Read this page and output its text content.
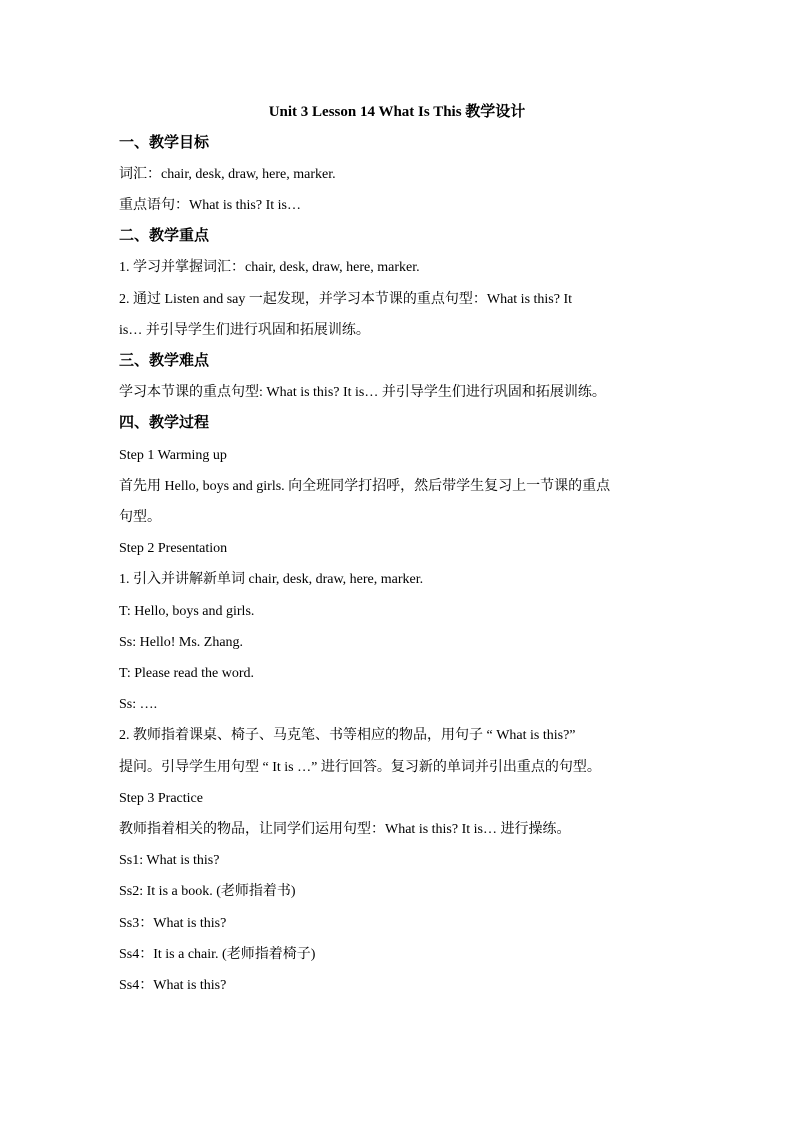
Unit 3 Lesson 14 What Is This 教学设计
一、教学目标
词汇：chair, desk, draw, here, marker.
重点语句：What is this? It is…
二、教学重点
1. 学习并掌握词汇：chair, desk, draw, here, marker.
2. 通过 Listen and say 一起发现，并学习本节课的重点句型：What is this? It
is… 并引导学生们进行巩固和拓展训练。
三、教学难点
学习本节课的重点句型: What is this? It is… 并引导学生们进行巩固和拓展训练。
四、教学过程
Step 1 Warming up
首先用 Hello, boys and girls. 向全班同学打招呼，然后带学生复习上一节课的重点
句型。
Step 2 Presentation
1. 引入并讲解新单词 chair, desk, draw, here, marker.
T: Hello, boys and girls.
Ss: Hello! Ms. Zhang.
T: Please read the word.
Ss: ….
2. 教师指着课桌、椅子、马克笔、书等相应的物品，用句子 “ What is this?”
提问。引导学生用句型 “ It is …” 进行回答。复习新的单词并引出重点的句型。
Step 3 Practice
教师指着相关的物品，让同学们运用句型：What is this? It is… 进行操练。
Ss1: What is this?
Ss2: It is a book. (老师指着书)
Ss3：What is this?
Ss4：It is a chair. (老师指着椅子)
Ss4：What is this?
